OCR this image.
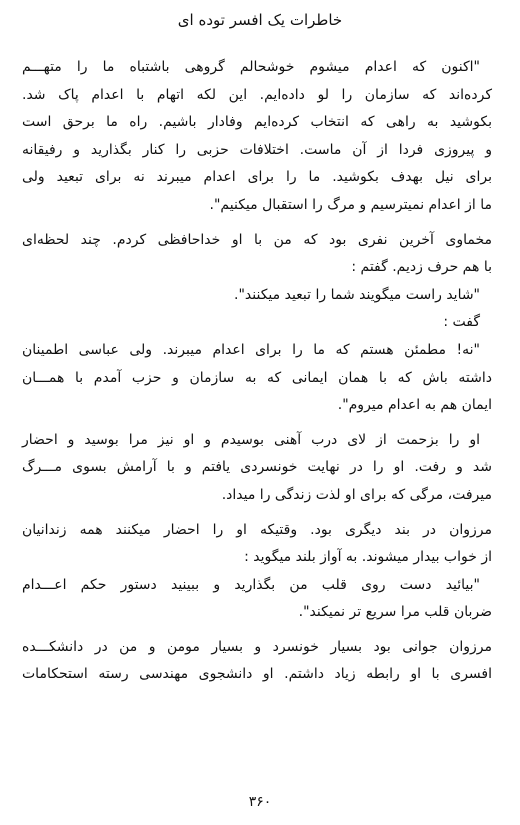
خاطرات یک افسر توده ای
"اکنون که اعدام میشوم خوشحالم گروهی باشتباه ما را متهـــم
کرده‌اند که سازمان را لو داده‌ایم. این لکه اتهام با اعدام پاک شد.
بکوشید به راهی که انتخاب کرده‌ایم وفادار باشیم. راه ما برحق است
و پیروزی فردا از آن ماست. اختلافات حزبی را کنار بگذارید و رفیقانه
برای نیل بهدف بکوشید. ما را برای اعدام میبرند نه برای تبعید ولی
ما از اعدام نمیترسیم و مرگ را استقبال میکنیم".
مخماوی آخرین نفری بود که من با او خداحافظی کردم. چند لحظه‌ای
با هم حرف زدیم. گفتم :
"شاید راست میگویند شما را تبعید میکنند".
گفت :
"نه! مطمئن هستم که ما را برای اعدام میبرند. ولی عباسی اطمینان
داشته باش که با همان ایمانی که به سازمان و حزب آمدم با همـــان
ایمان هم به اعدام میروم".
او را بزحمت از لای درب آهنی بوسیدم و او نیز مرا بوسید و احضار
شد و رفت. او را در نهایت خونسردی یافتم و با آرامش بسوی مـــرگ
میرفت، مرگی که برای او لذت زندگی را میداد.
مرزوان در بند دیگری بود. وقتیکه او را احضار میکنند همه زندانیان
از خواب بیدار میشوند. به آواز بلند میگوید :
"بیائید دست روی قلب من بگذارید و ببینید دستور حکم اعـــدام
ضربان قلب مرا سریع تر نمیکند".
مرزوان جوانی بود بسیار خونسرد و بسیار مومن و من در دانشکـــده
افسری با او رابطه زیاد داشتم. او دانشجوی مهندسی رسته استحکامات
۳۶۰
